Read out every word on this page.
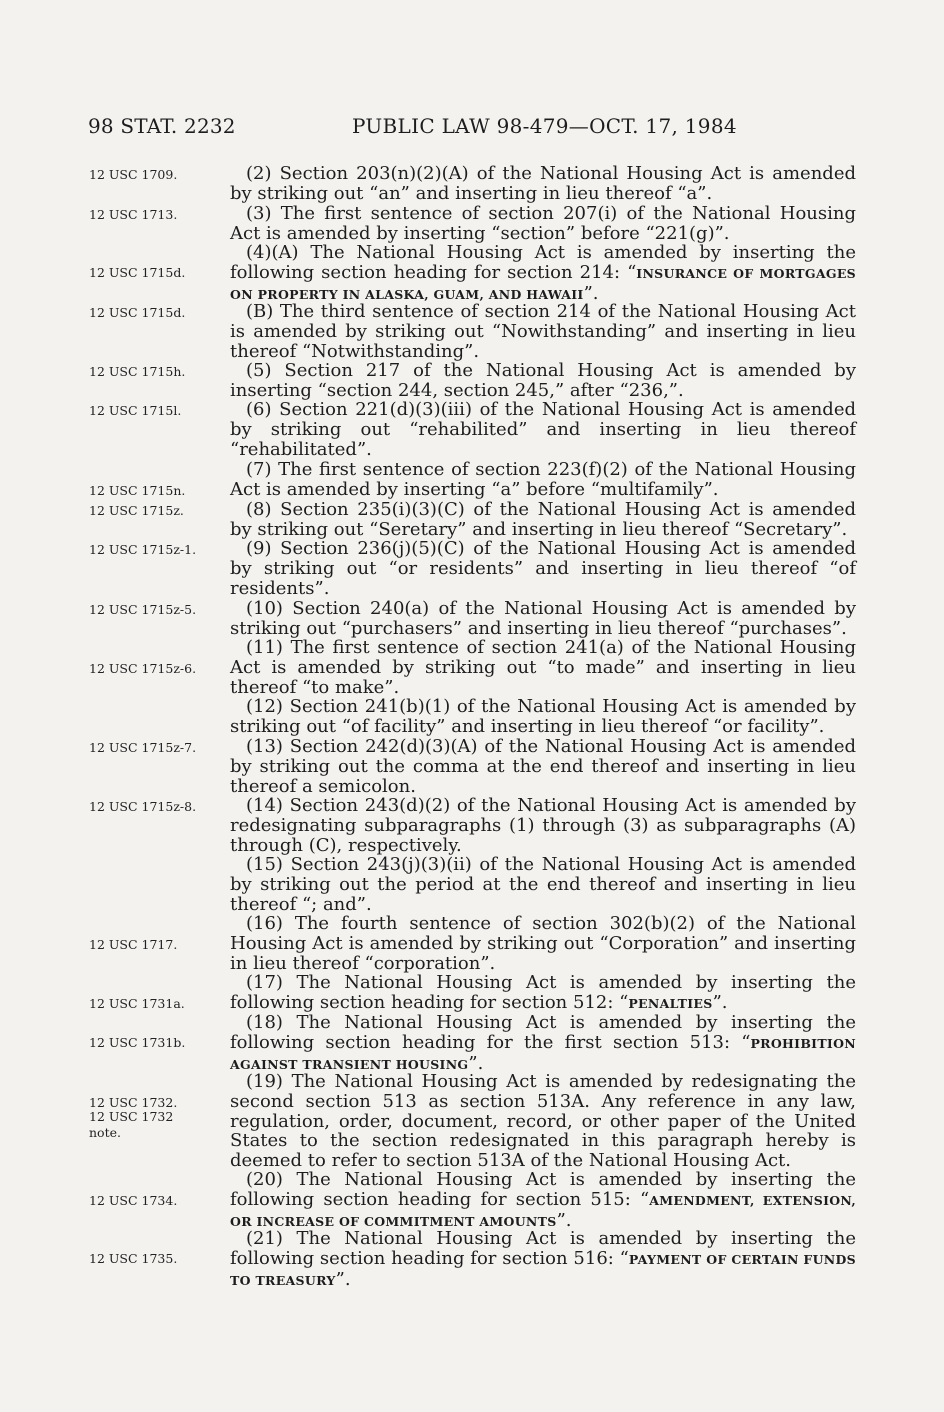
98 STAT. 2232	PUBLIC LAW 98-479—OCT. 17, 1984
12 USC 1709.
12 USC 1713.
12 USC 1715d.
12 USC 1715d.
12 USC 1715h.
12 USC 1715l.
12 USC 1715n.
12 USC 1715z.
12 USC 1715z-1.
12 USC 1715z-5.
12 USC 1715z-6.
12 USC 1715z-7.
12 USC 1715z-8.
12 USC 1717.
12 USC 1731a.
12 USC 1731b.
12 USC 1732.
12 USC 1732
note.
12 USC 1734.
12 USC 1735.
(2) Section 203(n)(2)(A) of the National Housing Act is amended by striking out “an” and inserting in lieu thereof “a”.
(3) The first sentence of section 207(i) of the National Housing Act is amended by inserting “section” before “221(g)”.
(4)(A) The National Housing Act is amended by inserting the following section heading for section 214: “INSURANCE OF MORTGAGES ON PROPERTY IN ALASKA, GUAM, AND HAWAII”.
(B) The third sentence of section 214 of the National Housing Act is amended by striking out “Nowithstanding” and inserting in lieu thereof “Notwithstanding”.
(5) Section 217 of the National Housing Act is amended by inserting “section 244, section 245,” after “236,”.
(6) Section 221(d)(3)(iii) of the National Housing Act is amended by striking out “rehabilited” and inserting in lieu thereof “rehabilitated”.
(7) The first sentence of section 223(f)(2) of the National Housing Act is amended by inserting “a” before “multifamily”.
(8) Section 235(i)(3)(C) of the National Housing Act is amended by striking out “Seretary” and inserting in lieu thereof “Secretary”.
(9) Section 236(j)(5)(C) of the National Housing Act is amended by striking out “or residents” and inserting in lieu thereof “of residents”.
(10) Section 240(a) of the National Housing Act is amended by striking out “purchasers” and inserting in lieu thereof “purchases”.
(11) The first sentence of section 241(a) of the National Housing Act is amended by striking out “to made” and inserting in lieu thereof “to make”.
(12) Section 241(b)(1) of the National Housing Act is amended by striking out “of facility” and inserting in lieu thereof “or facility”.
(13) Section 242(d)(3)(A) of the National Housing Act is amended by striking out the comma at the end thereof and inserting in lieu thereof a semicolon.
(14) Section 243(d)(2) of the National Housing Act is amended by redesignating subparagraphs (1) through (3) as subparagraphs (A) through (C), respectively.
(15) Section 243(j)(3)(ii) of the National Housing Act is amended by striking out the period at the end thereof and inserting in lieu thereof “; and”.
(16) The fourth sentence of section 302(b)(2) of the National Housing Act is amended by striking out “Corporation” and inserting in lieu thereof “corporation”.
(17) The National Housing Act is amended by inserting the following section heading for section 512: “PENALTIES”.
(18) The National Housing Act is amended by inserting the following section heading for the first section 513: “PROHIBITION AGAINST TRANSIENT HOUSING”.
(19) The National Housing Act is amended by redesignating the second section 513 as section 513A. Any reference in any law, regulation, order, document, record, or other paper of the United States to the section redesignated in this paragraph hereby is deemed to refer to section 513A of the National Housing Act.
(20) The National Housing Act is amended by inserting the following section heading for section 515: “AMENDMENT, EXTENSION, OR INCREASE OF COMMITMENT AMOUNTS”.
(21) The National Housing Act is amended by inserting the following section heading for section 516: “PAYMENT OF CERTAIN FUNDS TO TREASURY”.
